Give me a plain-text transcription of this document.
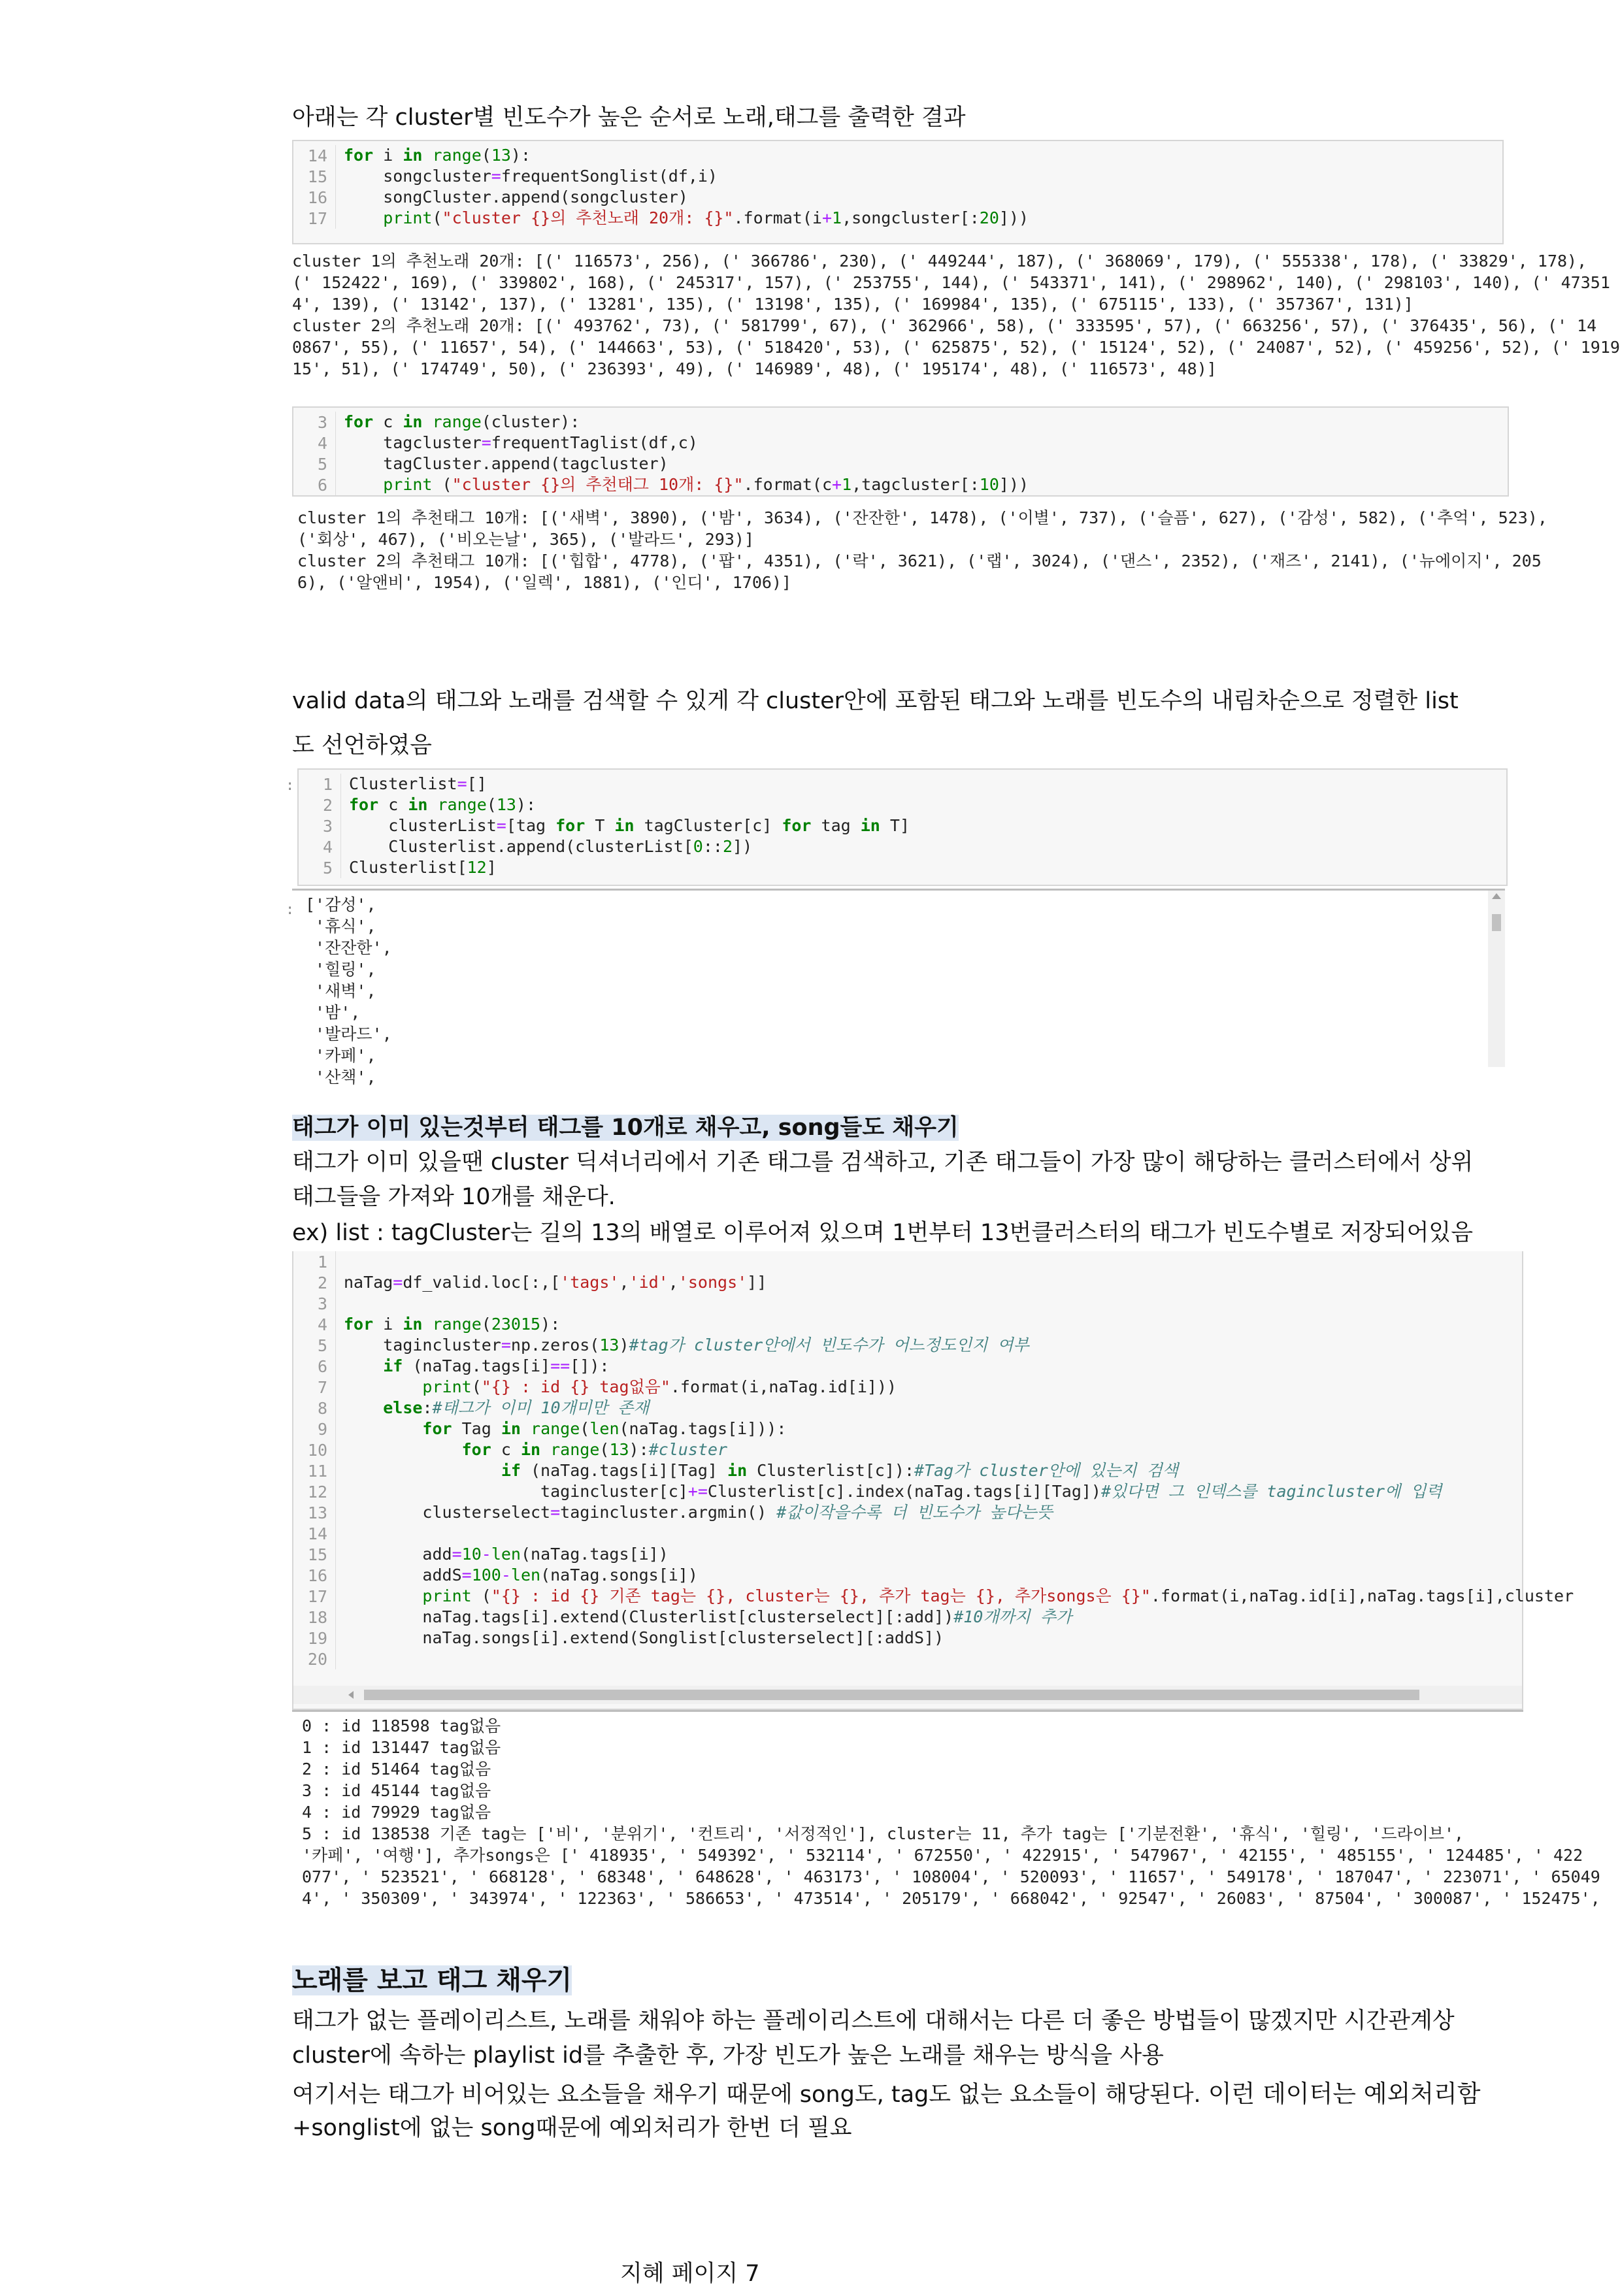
아래는 각 cluster별 빈도수가 높은 순서로 노래,태그를 출력한 결과
14	for i in range(13):
15	songcluster=frequentSonglist(df,i)
16	songCluster.append(songcluster)
17	print("cluster {}의 추천노래 20개: {}".format(i+1,songcluster[:20]))
cluster 1의 추천노래 20개: [(' 116573', 256), (' 366786', 230), (' 449244', 187), (' 368069', 179), (' 555338', 178), (' 33829', 178),
(' 152422', 169), (' 339802', 168), (' 245317', 157), (' 253755', 144), (' 543371', 141), (' 298962', 140), (' 298103', 140), (' 47351
4', 139), (' 13142', 137), (' 13281', 135), (' 13198', 135), (' 169984', 135), (' 675115', 133), (' 357367', 131)]
cluster 2의 추천노래 20개: [(' 493762', 73), (' 581799', 67), (' 362966', 58), (' 333595', 57), (' 663256', 57), (' 376435', 56), (' 14
0867', 55), (' 11657', 54), (' 144663', 53), (' 518420', 53), (' 625875', 52), (' 15124', 52), (' 24087', 52), (' 459256', 52), (' 1919
15', 51), (' 174749', 50), (' 236393', 49), (' 146989', 48), (' 195174', 48), (' 116573', 48)]
3	for c in range(cluster):
4	tagcluster=frequentTaglist(df,c)
5	tagCluster.append(tagcluster)
6	print ("cluster {}의 추천태그 10개: {}".format(c+1,tagcluster[:10]))
cluster 1의 추천태그 10개: [('새벽', 3890), ('밤', 3634), ('잔잔한', 1478), ('이별', 737), ('슬픔', 627), ('감성', 582), ('추억', 523),
('회상', 467), ('비오는날', 365), ('발라드', 293)]
cluster 2의 추천태그 10개: [('힙합', 4778), ('팝', 4351), ('락', 3621), ('랩', 3024), ('댄스', 2352), ('재즈', 2141), ('뉴에이지', 205
6), ('알앤비', 1954), ('일렉', 1881), ('인디', 1706)]
valid data의 태그와 노래를 검색할 수 있게 각 cluster안에 포함된 태그와 노래를 빈도수의 내림차순으로 정렬한 list
도 선언하였음
:	1	Clusterlist=[]
2	for c in range(13):
3	clusterList=[tag for T in tagCluster[c] for tag in T]
4	Clusterlist.append(clusterList[0::2])
5	Clusterlist[12]
: ['감성',
'휴식',
'잔잔한',
'힐링',
'새벽',
'밤',
'발라드',
'카페',
'산책',
태그가 이미 있는것부터 태그를 10개로 채우고, song들도 채우기
태그가 이미 있을땐 cluster 딕셔너리에서 기존 태그를 검색하고, 기존 태그들이 가장 많이 해당하는 클러스터에서 상위
태그들을 가져와 10개를 채운다.
ex) list : tagCluster는 길의 13의 배열로 이루어져 있으며 1번부터 13번클러스터의 태그가 빈도수별로 저장되어있음
1
2	naTag=df_valid.loc[:,['tags','id','songs']]
3
4	for i in range(23015):
5	tagincluster=np.zeros(13)#tag가 cluster안에서 빈도수가 어느정도인지 여부
6	if (naTag.tags[i]==[]):
7	print("{} : id {} tag없음".format(i,naTag.id[i]))
8	else:#태그가 이미 10개미만 존재
9	for Tag in range(len(naTag.tags[i])):
10	for c in range(13):#cluster
11	if (naTag.tags[i][Tag] in Clusterlist[c]):#Tag가 cluster안에 있는지 검색
12	tagincluster[c]+=Clusterlist[c].index(naTag.tags[i][Tag])#있다면 그 인덱스를 tagincluster에 입력
13	clusterselect=tagincluster.argmin() #값이작을수록 더 빈도수가 높다는뜻
14
15	add=10-len(naTag.tags[i])
16	addS=100-len(naTag.songs[i])
17	print ("{} : id {} 기존 tag는 {}, cluster는 {}, 추가 tag는 {}, 추가songs은 {}".format(i,naTag.id[i],naTag.tags[i],cluster
18	naTag.tags[i].extend(Clusterlist[clusterselect][:add])#10개까지 추가
19	naTag.songs[i].extend(Songlist[clusterselect][:addS])
20
0 : id 118598 tag없음
1 : id 131447 tag없음
2 : id 51464 tag없음
3 : id 45144 tag없음
4 : id 79929 tag없음
5 : id 138538 기존 tag는 ['비', '분위기', '컨트리', '서정적인'], cluster는 11, 추가 tag는 ['기분전환', '휴식', '힐링', '드라이브',
'카페', '여행'], 추가songs은 [' 418935', ' 549392', ' 532114', ' 672550', ' 422915', ' 547967', ' 42155', ' 485155', ' 124485', ' 422
077', ' 523521', ' 668128', ' 68348', ' 648628', ' 463173', ' 108004', ' 520093', ' 11657', ' 549178', ' 187047', ' 223071', ' 65049
4', ' 350309', ' 343974', ' 122363', ' 586653', ' 473514', ' 205179', ' 668042', ' 92547', ' 26083', ' 87504', ' 300087', ' 152475',
노래를 보고 태그 채우기
태그가 없는 플레이리스트, 노래를 채워야 하는 플레이리스트에 대해서는 다른 더 좋은 방법들이 많겠지만 시간관계상
cluster에 속하는 playlist id를 추출한 후, 가장 빈도가 높은 노래를 채우는 방식을 사용
여기서는 태그가 비어있는 요소들을 채우기 때문에 song도, tag도 없는 요소들이 해당된다. 이런 데이터는 예외처리함
+songlist에 없는 song때문에 예외처리가 한번 더 필요
지혜 페이지 7
